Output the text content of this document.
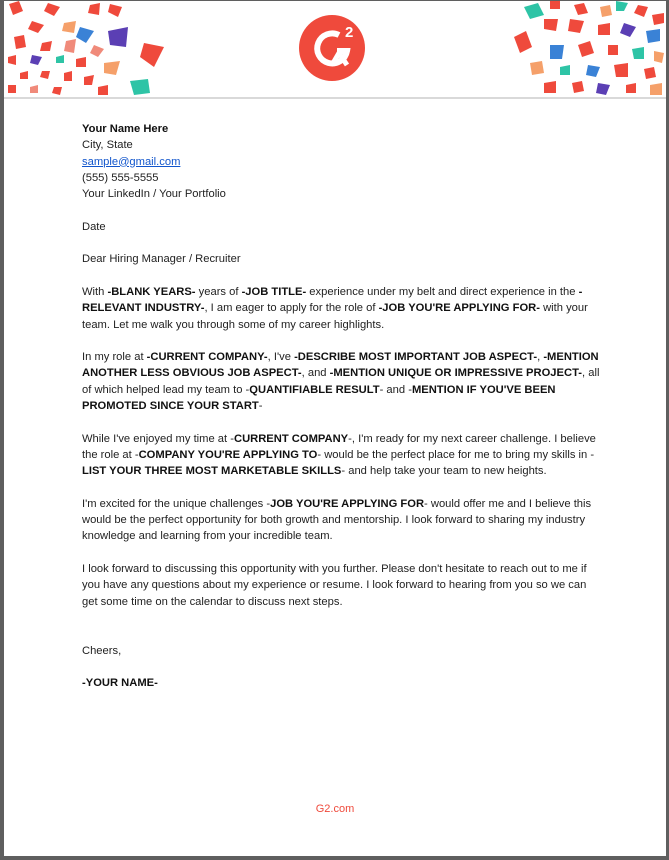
2
Your Name Here
City, State
sample@gmail.com
(555) 555-5555
Your LinkedIn / Your Portfolio

Date

Dear Hiring Manager / Recruiter

With -BLANK YEARS- years of -JOB TITLE- experience under my belt and direct experience in the -RELEVANT INDUSTRY-, I am eager to apply for the role of -JOB YOU'RE APPLYING FOR- with your team. Let me walk you through some of my career highlights.

In my role at -CURRENT COMPANY-, I've -DESCRIBE MOST IMPORTANT JOB ASPECT-, -MENTION ANOTHER LESS OBVIOUS JOB ASPECT-, and -MENTION UNIQUE OR IMPRESSIVE PROJECT-, all of which helped lead my team to -QUANTIFIABLE RESULT- and -MENTION IF YOU'VE BEEN PROMOTED SINCE YOUR START-

While I've enjoyed my time at -CURRENT COMPANY-, I'm ready for my next career challenge. I believe the role at -COMPANY YOU'RE APPLYING TO- would be the perfect place for me to bring my skills in -LIST YOUR THREE MOST MARKETABLE SKILLS- and help take your team to new heights.

I'm excited for the unique challenges -JOB YOU'RE APPLYING FOR- would offer me and I believe this would be the perfect opportunity for both growth and mentorship. I look forward to sharing my industry knowledge and learning from your incredible team.

I look forward to discussing this opportunity with you further. Please don't hesitate to reach out to me if you have any questions about my experience or resume. I look forward to hearing from you so we can get some time on the calendar to discuss next steps.

Cheers,

-YOUR NAME-

G2.com
